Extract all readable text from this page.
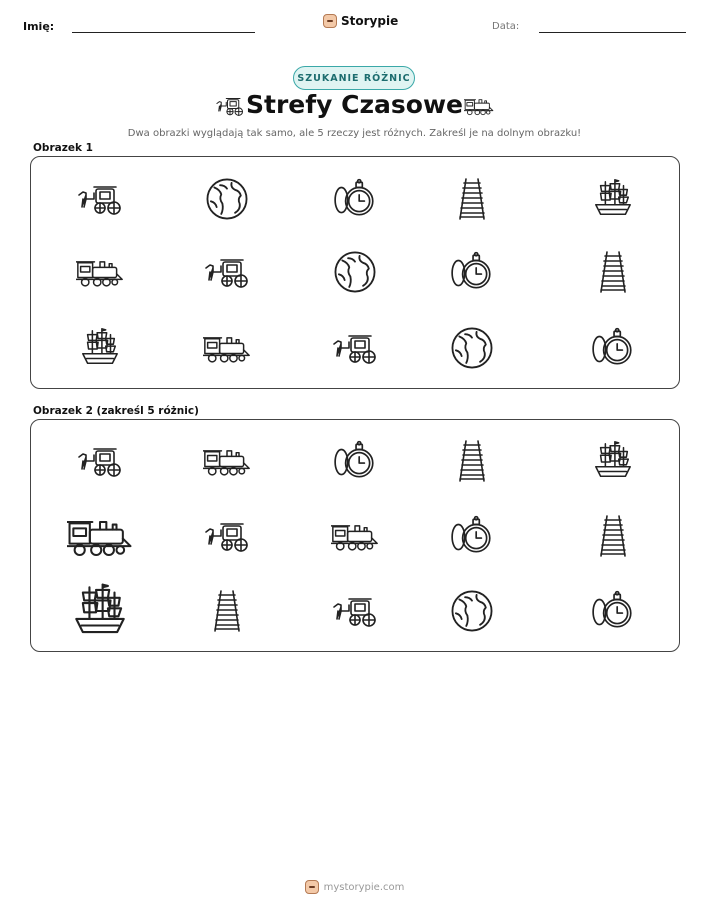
Imię:	Storypie	Data:
SZUKANIE RÓŻNIC
Strefy Czasowe
Dwa obrazki wyglądają tak samo, ale 5 rzeczy jest różnych. Zakreśl je na dolnym obrazku!
Obrazek 1
Obrazek 2 (zakreśl 5 różnic)
mystorypie.com
